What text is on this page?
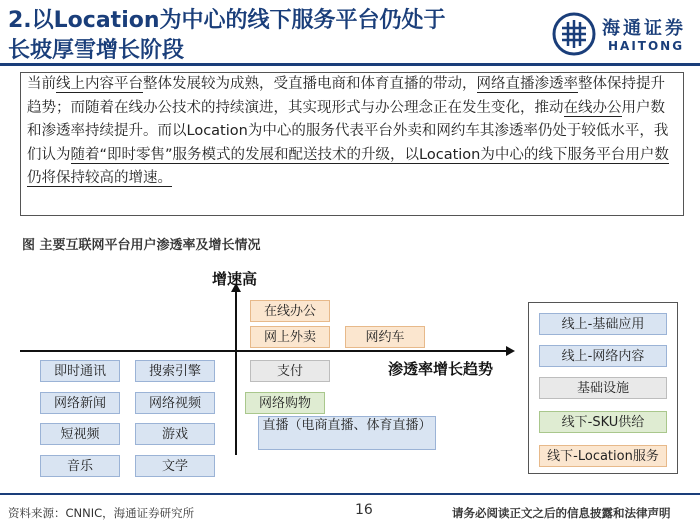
2.以Location为中心的线下服务平台仍处于
长坡厚雪增长阶段
海通证券
HAITONG
当前线上内容平台整体发展较为成熟，受直播电商和体育直播的带动，网络直播渗透率整体保持提升趋势；而随着在线办公技术的持续演进，其实现形式与办公理念正在发生变化，推动在线办公用户数和渗透率持续提升。而以Location为中心的服务代表平台外卖和网约车其渗透率仍处于较低水平，我们认为随着“即时零售”服务模式的发展和配送技术的升级，以Location为中心的线下服务平台用户数仍将保持较高的增速。
图 主要互联网平台用户渗透率及增长情况
增速高
渗透率增长趋势
在线办公
网上外卖	网约车
即时通讯	搜索引擎	支付
网络新闻	网络视频	网络购物
短视频	游戏
直播（电商直播、体育直播）
音乐	文学
线上-基础应用
线上-网络内容
基础设施
线下-SKU供给
线下-Location服务
资料来源：CNNIC，海通证券研究所	16	请务必阅读正文之后的信息披露和法律声明
